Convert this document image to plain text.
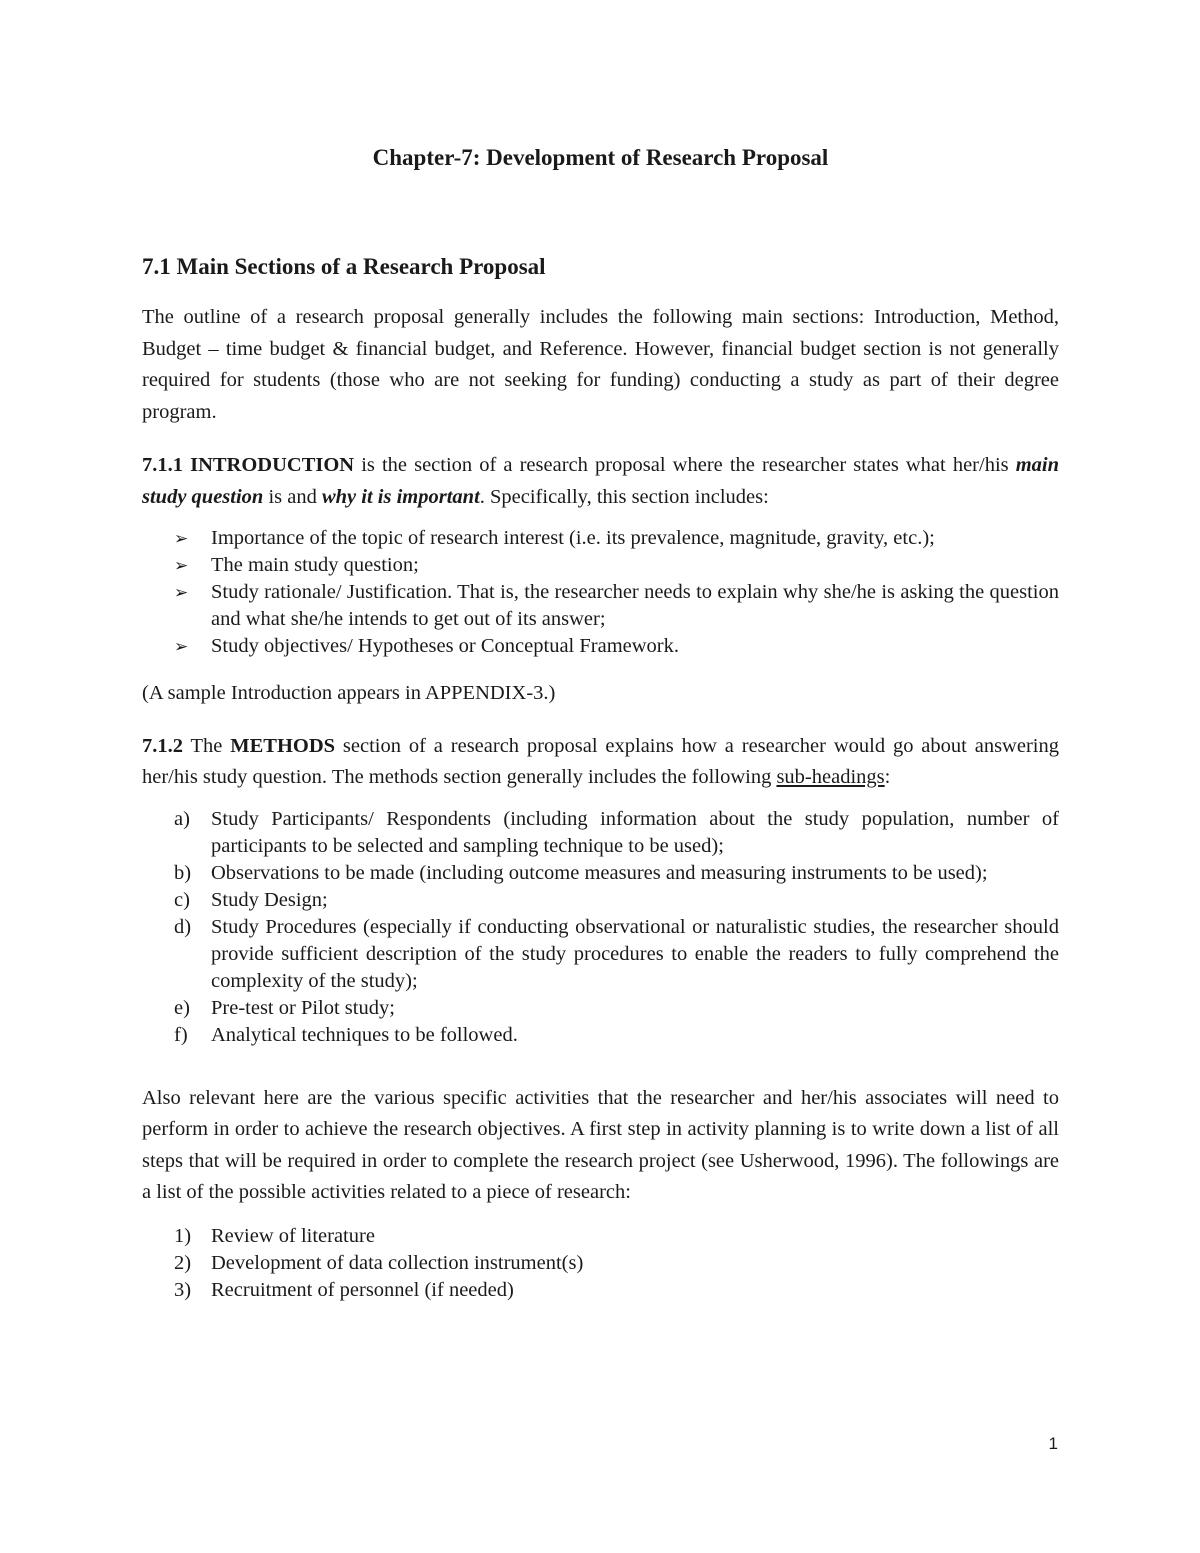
Chapter-7: Development of Research Proposal
7.1 Main Sections of a Research Proposal

The outline of a research proposal generally includes the following main sections: Introduction, Method, Budget – time budget & financial budget, and Reference. However, financial budget section is not generally required for students (those who are not seeking for funding) conducting a study as part of their degree program.

7.1.1 INTRODUCTION is the section of a research proposal where the researcher states what her/his main study question is and why it is important. Specifically, this section includes:

➢ Importance of the topic of research interest (i.e. its prevalence, magnitude, gravity, etc.);
➢ The main study question;
➢ Study rationale/ Justification. That is, the researcher needs to explain why she/he is asking the question and what she/he intends to get out of its answer;
➢ Study objectives/ Hypotheses or Conceptual Framework.

(A sample Introduction appears in APPENDIX-3.)

7.1.2 The METHODS section of a research proposal explains how a researcher would go about answering her/his study question. The methods section generally includes the following sub-headings:

a) Study Participants/ Respondents (including information about the study population, number of participants to be selected and sampling technique to be used);
b) Observations to be made (including outcome measures and measuring instruments to be used);
c) Study Design;
d) Study Procedures (especially if conducting observational or naturalistic studies, the researcher should provide sufficient description of the study procedures to enable the readers to fully comprehend the complexity of the study);
e) Pre-test or Pilot study;
f) Analytical techniques to be followed.

Also relevant here are the various specific activities that the researcher and her/his associates will need to perform in order to achieve the research objectives. A first step in activity planning is to write down a list of all steps that will be required in order to complete the research project (see Usherwood, 1996). The followings are a list of the possible activities related to a piece of research:

1) Review of literature
2) Development of data collection instrument(s)
3) Recruitment of personnel (if needed)
1
